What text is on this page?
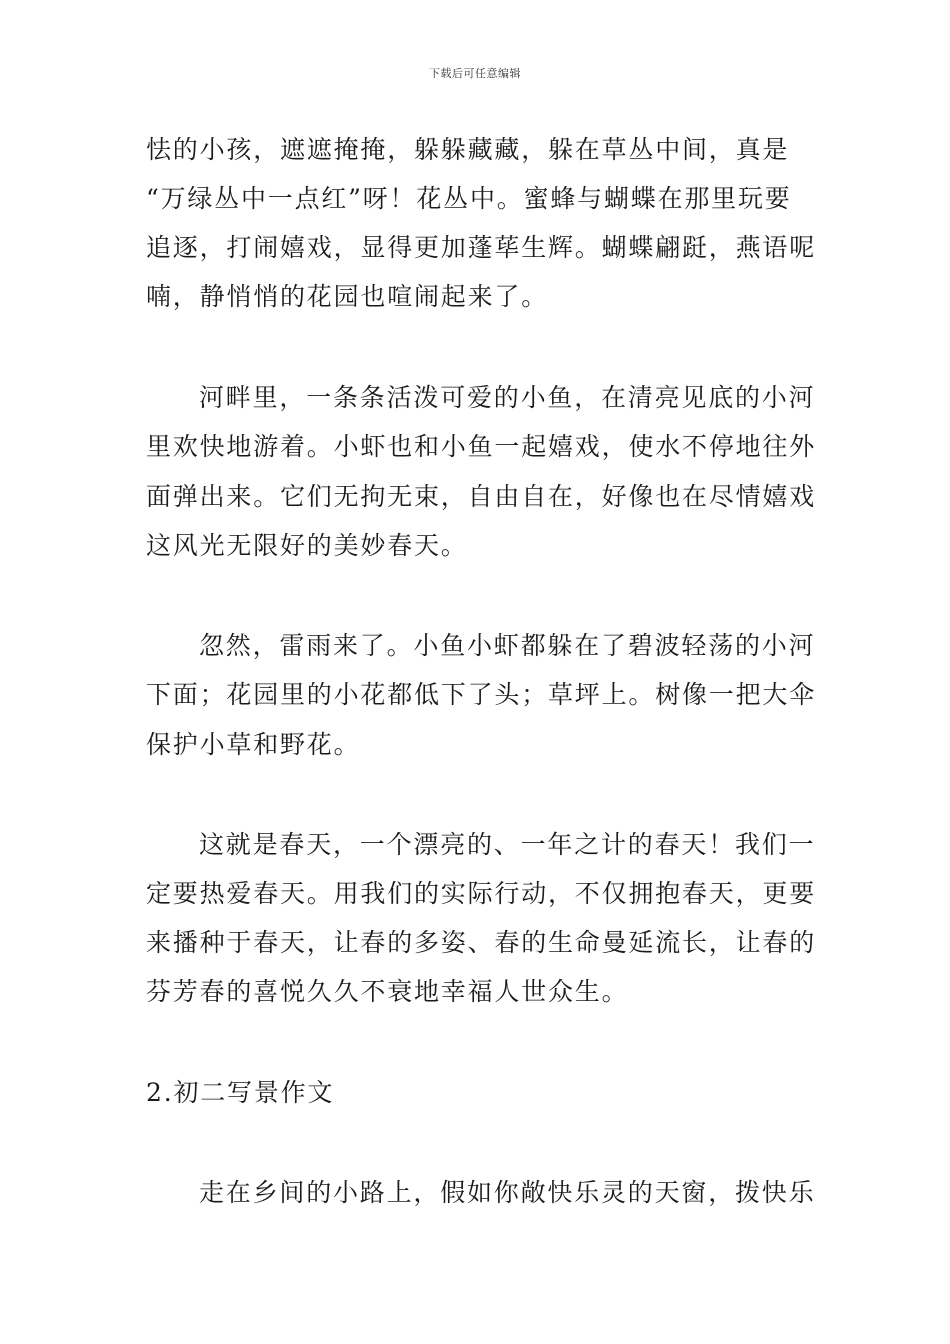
下载后可任意编辑
怯的小孩，遮遮掩掩，躲躲藏藏，躲在草丛中间，真是
“万绿丛中一点红”呀！花丛中。蜜蜂与蝴蝶在那里玩要
追逐，打闹嬉戏，显得更加蓬荜生辉。蝴蝶翩跹，燕语呢
喃，静悄悄的花园也喧闹起来了。
河畔里，一条条活泼可爱的小鱼，在清亮见底的小河
里欢快地游着。小虾也和小鱼一起嬉戏，使水不停地往外
面弹出来。它们无拘无束，自由自在，好像也在尽情嬉戏
这风光无限好的美妙春天。
忽然，雷雨来了。小鱼小虾都躲在了碧波轻荡的小河
下面；花园里的小花都低下了头；草坪上。树像一把大伞
保护小草和野花。
这就是春天，一个漂亮的、一年之计的春天！我们一
定要热爱春天。用我们的实际行动，不仅拥抱春天，更要
来播种于春天，让春的多姿、春的生命曼延流长，让春的
芬芳春的喜悦久久不衰地幸福人世众生。
2.初二写景作文
走在乡间的小路上，假如你敞快乐灵的天窗，拨快乐
